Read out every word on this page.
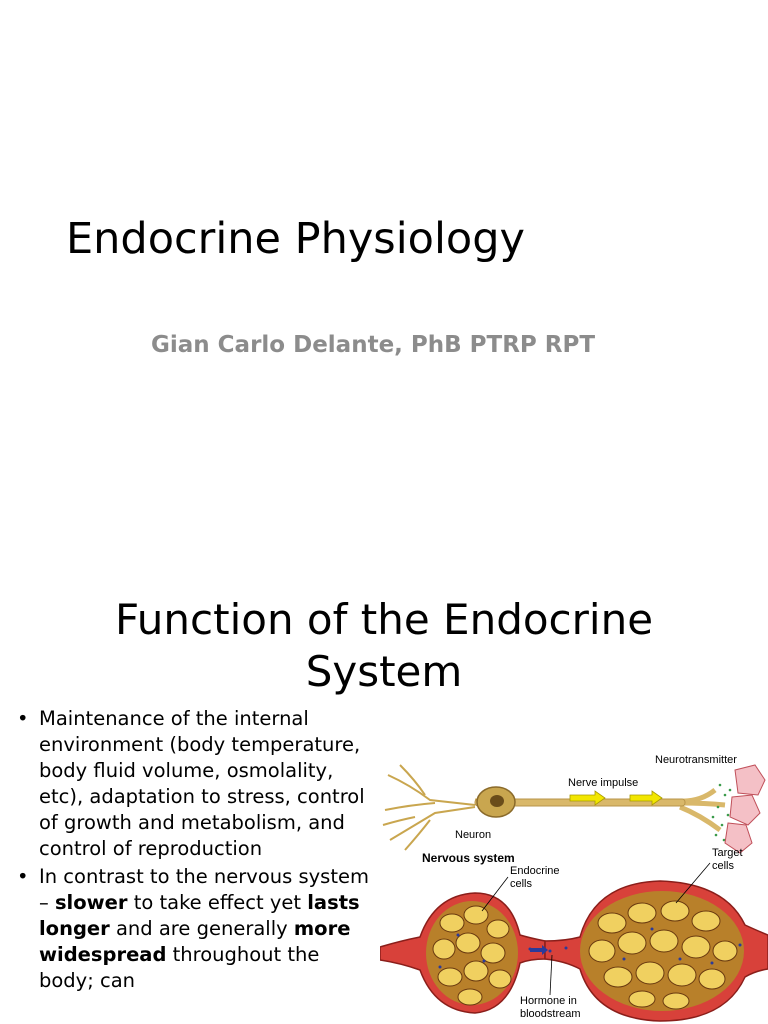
Endocrine Physiology
Gian Carlo Delante, PhB PTRP RPT
Function of the Endocrine
System
• Maintenance of the internal environment (body temperature, body fluid volume, osmolality, etc), adaptation to stress, control of growth and metabolism, and control of reproduction
• In contrast to the nervous system – slower to take effect yet lasts longer and are generally more widespread throughout the body; can
Neurotransmitter
Nerve impulse
Neuron
Nervous system
Endocrine
cells
Target
cells
Hormone in
bloodstream
